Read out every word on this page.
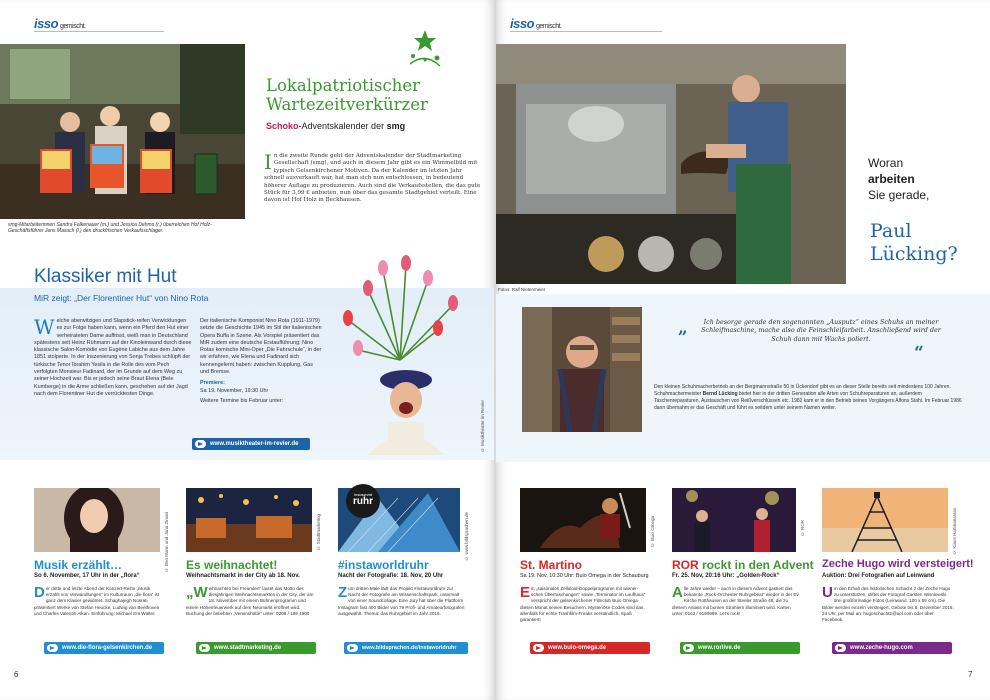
isso gemischt.
smg-Mitarbeiterinnen Sandra Falkenauer (m.) und Jessica Dehms (r.) überreichen Hof Holz-Geschäftsführer Jens Masuch (l.) den druckfrischen Verkaufsschlager.
Lokalpatriotischer
Wartezeitverkürzer
Schoko-Adventskalender der smg
In die zweite Runde geht der Adventskalender der Stadtmarketing Gesellschaft (smg), und auch in diesem Jahr gibt es ein Wimmelbild mit typisch Gelsenkirchener Motiven. Da der Kalender im letzten Jahr schnell ausverkauft war, hat man sich nun entschlossen, in bedeutend höherer Auflage zu produzieren. Auch sind die Verkaufsstellen, die das gute Stück für 3,99 € anbieten, nun über das gesamte Stadtgebiet verteilt. Eine davon ist Hof Holz in Beckhausen.
Klassiker mit Hut
MiR zeigt: „Der Florentiner Hut“ von Nino Rota
Welche aberwitzigen und Slapstick-reifen Verwicklungen es zur Folge haben kann, wenn ein Pferd den Hut einer verheirateten Dame auffrisst, weiß man in Deutschland spätestens seit Heinz Rühmann auf der Kinoleinwand durch diese klassische Salon-Komödie von Eugène Labiche aus dem Jahre 1851 stolperte. In der Inszenierung von Sonja Trebes schlüpft der türkische Tenor Ibrahim Yesila in die Rolle des vom Pech verfolgten Monsieur Fadinard, der im Grunde auf dem Weg zu seiner Hochzeit war. Bis er jedoch seine Braut Elena (Bele Kumberge) in die Arme schließen kann, geschehen auf der Jagd nach dem Florentiner Hut die verrücktesten Dinge.
Der italienische Komponist Nino Rota (1911-1979) setzte die Geschichte 1945 im Stil der italienischen Opera Buffa in Szene. Als Vorspiel präsentiert das MiR zudem eine deutsche Erstaufführung: Nino Rotas komische Mini-Oper „Die Fahrschule“, in der wir erfahren, wie Elena und Fadinard sich kennengelernt haben: zwischen Kupplung, Gas und Bremse.
Premiere:
Sa 19. November, 19:30 Uhr
Weitere Termine bis Februar unter:
www.musiktheater-im-revier.de	© Musiktheater im Revier
6
isso gemischt.
Fotos: Ralf Nietenmeier
Woran
arbeiten
Sie gerade,
Paul
Lücking?
„	Ich besorge gerade den sogenannten „Ausputz“ eines Schuhs an meiner Schleifmaschine, mache also die Feinschleifarbeit. Anschließend wird der Schuh dann mit Wachs poliert.
“
Den kleinen Schuhmacherbetrieb an der Bergmannstraße 50 in Ückendorf gibt es an dieser Stelle bereits seit mindestens 100 Jahren. Schuhmachermeister Bernd Lücking bietet hier in der dritten Generation alle Arten von Schuhreparaturen an, außerdem Taschenreparaturen, Austauschen von Reißverschlüssen etc. 1982 kam er in den Betrieb seines Vorgängers Alfons Stahl. Im Februar 1986 dann übernahm er das Geschäft und führt es seitdem unter seinem Namen weiter.
7
© Ben Mann und Jana Zimari	© Stadtmarketing
Instaworld
ruhr
© www.bildsprachen.de	© Buio Omega	© ROR	© Klaus Hartmanastas
Musik erzählt…	Es weihnachtet!	#instaworldruhr	St. Martino	ROR rockt in den Advent Zeche Hugo wird versteigert!
So 6. November, 17 Uhr in der „flora“	Weihnachtsmarkt in der City ab 18. Nov.	Nacht der Fotografie: 18. Nov, 20 Uhr	Sa 19. Nov, 10:30 Uhr: Buio Omega in der Schauburg	Fr. 25. Nov, 20:16 Uhr: „Golden-Rock“	Auktion: Drei Fotografien auf Leinwand
Der dritte und letzte Abend der Konzert-Reihe „Musik erzählt von Verwandlungen“ im Kulturraum „die flora“ ist ganz dem Klavier gewidmet. Schaghajegh Nosrati präsentiert Werke von Stefan Heucke, Ludwig van Beethoven und Charles Valentin Alkan. Einführung: Michael Em Walter.
„Weihnachten bei Freunden“ lautet das Motto des diesjährigen Weihnachtsmarktes in der City, der am 18. November mit einem Bühnenprogramm und einem Höhenfeuerwerk auf dem Neumarkt eröffnet wird. Buchung der beliebten „Vereinshütte“ unter: 0209 / 169 4900
Zum dritten Male lädt das Projekt #instaworldruhr zur Nacht der Fotografie am Wissenschaftspark, untermalt von einer Soundcollage. Eine Jury hat über die Plattform Instagram fast 400 Bilder von 79 Profi- und Amateurfotografen ausgewählt. Thema: das Ruhrgebiet im Jahr 2016.
Ein „saisonales Zelluloid-Doppelprogramm mit wiener-schen Überraschungen“ sowie „Terminator im Laufhaus“ verspricht der gelsenkirchener Filmclub Buio Omega diesen Monat seinen Besuchern. Mysteriöse Codes sind das, allenfalls für echte Trashfilm-Freaks verständlich. Spaß garantiert!
Alle Jahre wieder – auch in diesem Advent gastiert das bekannte „Rock-Orchester Ruhrgebeat“ wieder in der Ev. Kirche Rotthausen an der Steeler Straße 48, die zu diesem Anlass mit bunten Strahlern illuminiert wird. Karten unter: 0162 / 9190969. Let's rock!
Um den Erhalt des historischen Schacht 2 der Zeche Hugo zu unterstützen, stiftet der Fotograf Carsten Wisnlewski drei großformatige Fotos (Leinwand, 100 x 55 cm). Die Bilder werden einzeln versteigert. Gebote bis 6. Dezember 2016, 24 Uhr, per Mail an: hugoschacht2@aol.com oder über Facebook.
www.die-flora-gelsenkirchen.de	www.stadtmarketing.de	www.bildsprachen.de/instaworldruhr	www.buio-omega.de	www.rorlive.de	www.zeche-hugo.com
